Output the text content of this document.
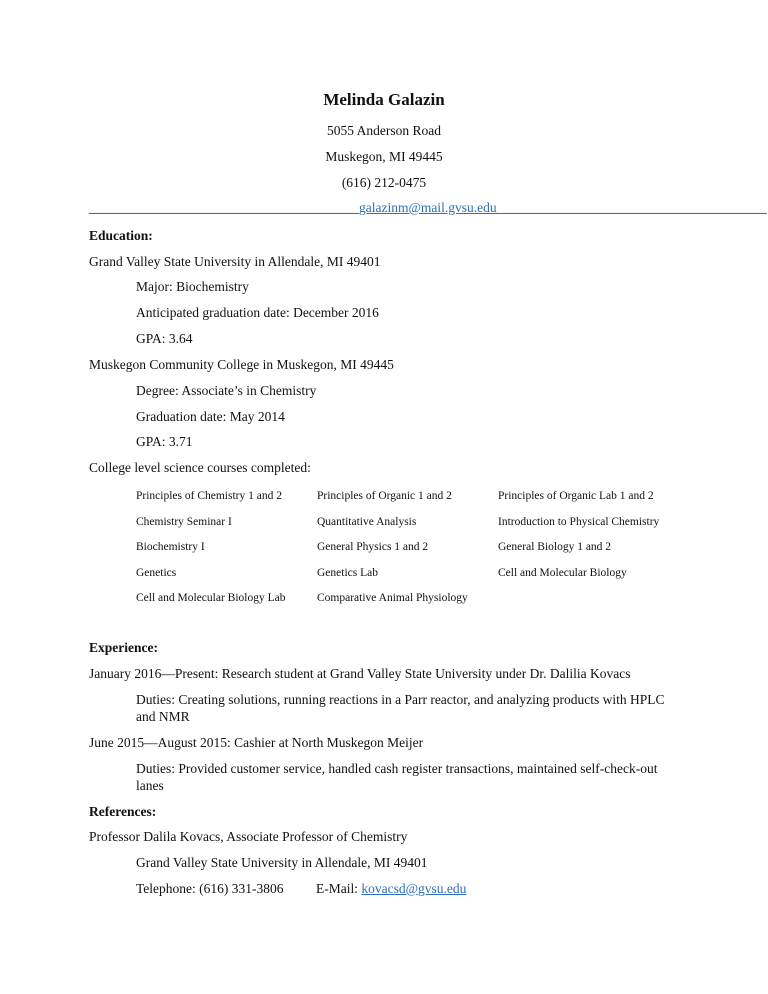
Melinda Galazin
5055 Anderson Road
Muskegon, MI 49445
(616) 212-0475
________________________________________galazinm@mail.gvsu.edu________________________________________
Education:
Grand Valley State University in Allendale, MI 49401
Major: Biochemistry
Anticipated graduation date: December 2016
GPA: 3.64
Muskegon Community College in Muskegon, MI 49445
Degree: Associate’s in Chemistry
Graduation date: May 2014
GPA: 3.71
College level science courses completed:
Principles of Chemistry 1 and 2	Principles of Organic 1 and 2	Principles of Organic Lab 1 and 2
Chemistry Seminar I	Quantitative Analysis	Introduction to Physical Chemistry
Biochemistry I	General Physics 1 and 2	General Biology 1 and 2
Genetics	Genetics Lab	Cell and Molecular Biology
Cell and Molecular Biology Lab	Comparative Animal Physiology
Experience:
January 2016—Present: Research student at Grand Valley State University under Dr. Dalilia Kovacs
Duties: Creating solutions, running reactions in a Parr reactor, and analyzing products with HPLC
and NMR
June 2015—August 2015: Cashier at North Muskegon Meijer
Duties: Provided customer service, handled cash register transactions, maintained self-check-out
lanes
References:
Professor Dalila Kovacs, Associate Professor of Chemistry
Grand Valley State University in Allendale, MI 49401
Telephone: (616) 331-3806 E-Mail: kovacsd@gvsu.edu
